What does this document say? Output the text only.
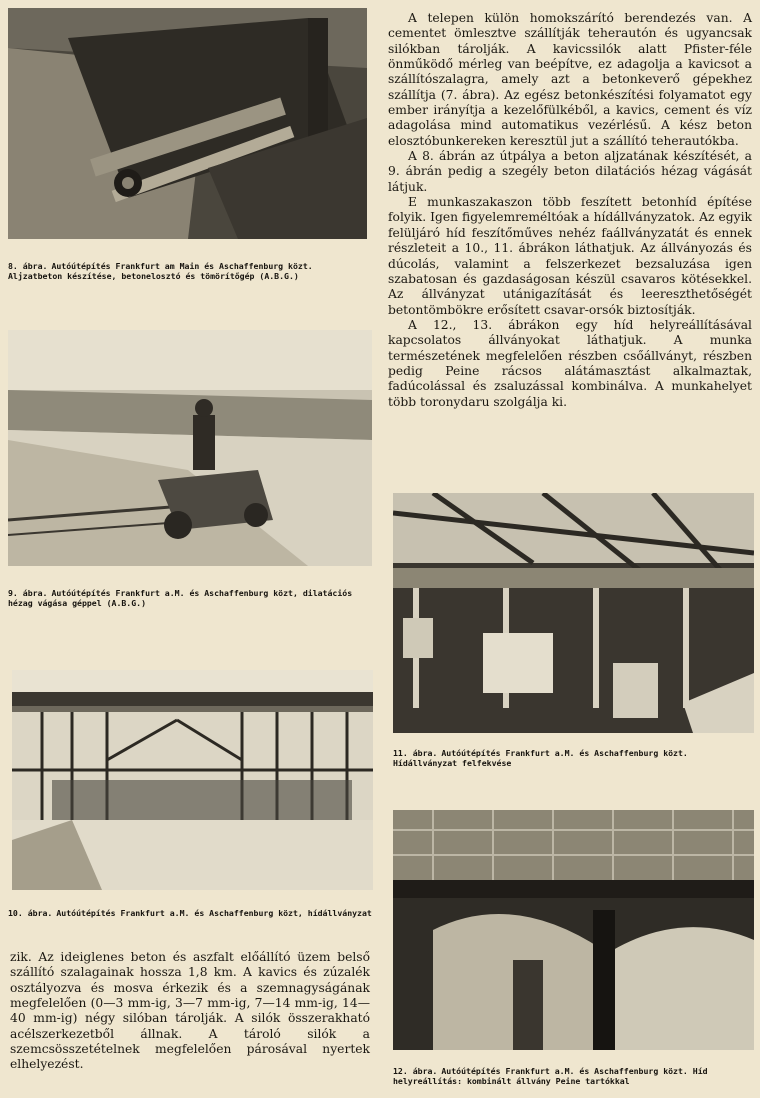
8. ábra. Autóútépítés Frankfurt am Main és Aschaffenburg közt. Aljzatbeton készítése, betonelosztó és tömörítőgép (A.B.G.)

9. ábra. Autóútépítés Frankfurt a.M. és Aschaffenburg közt, dilatációs hézag vágása géppel (A.B.G.)

10. ábra. Autóútépítés Frankfurt a.M. és Aschaffenburg közt, hídállványzat

zik. Az ideiglenes beton és aszfalt előállító üzem belső szállító szalagainak hossza 1,8 km. A kavics és zúzalék osztályozva és mosva érkezik és a szemnagyságának megfelelően (0—3 mm-ig, 3—7 mm-ig, 7—14 mm-ig, 14—40 mm-ig) négy silóban tárolják. A silók összerakható acélszerkezetből állnak. A tároló silók a szemcsösszetételnek megfelelően párosával nyertek elhelyezést.

A telepen külön homokszárító berendezés van. A cementet ömlesztve szállítják teherautón és ugyancsak silókban tárolják. A kavicssilók alatt Pfister-féle önműködő mérleg van beépítve, ez adagolja a kavicsot a szállítószalagra, amely azt a betonkeverő gépekhez szállítja (7. ábra). Az egész betonkészítési folyamatot egy ember irányítja a kezelőfülkéből, a kavics, cement és víz adagolása mind automatikus vezérlésű. A kész beton elosztóbunkereken keresztül jut a szállító teherautókba.

A 8. ábrán az útpálya a beton aljzatának készítését, a 9. ábrán pedig a szegély beton dilatációs hézag vágását látjuk.

E munkaszakaszon több feszített betonhíd építése folyik. Igen figyelemreméltóak a hídállványzatok. Az egyik felüljáró híd feszítőműves nehéz faállványzatát és ennek részleteit a 10., 11. ábrákon láthatjuk. Az állványozás és dúcolás, valamint a felszerkezet bezsaluzása igen szabatosan és gazdaságosan készül csavaros kötésekkel. Az állványzat utánigazítását és leereszthetőségét betontömbökre erősített csavar-orsók biztosítják.

A 12., 13. ábrákon egy híd helyreállításával kapcsolatos állványokat láthatjuk. A munka természetének megfelelően részben csőállványt, részben pedig Peine rácsos alátámasztást alkalmaztak, fadúcolással és zsaluzással kombinálva. A munkahelyet több toronydaru szolgálja ki.

11. ábra. Autóútépítés Frankfurt a.M. és Aschaffenburg közt. Hídállványzat felfekvése

12. ábra. Autóútépítés Frankfurt a.M. és Aschaffenburg közt. Híd helyreállítás: kombinált állvány Peine tartókkal
